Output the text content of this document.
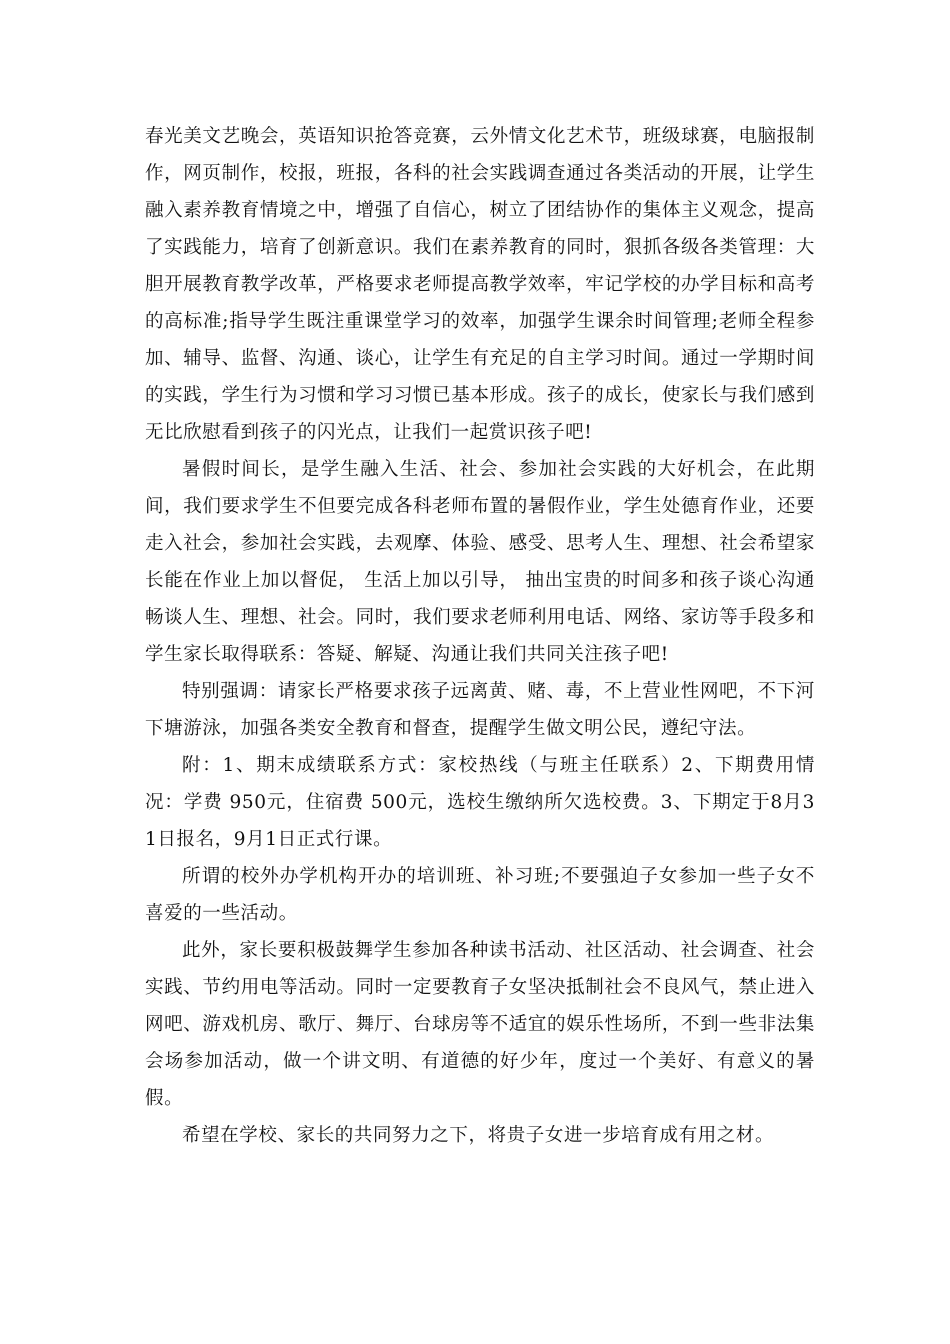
春光美文艺晚会，英语知识抢答竞赛，云外情文化艺术节，班级球赛，电脑报制作，网页制作，校报，班报，各科的社会实践调查通过各类活动的开展，让学生融入素养教育情境之中，增强了自信心，树立了团结协作的集体主义观念，提高了实践能力，培育了创新意识。我们在素养教育的同时，狠抓各级各类管理：大胆开展教育教学改革，严格要求老师提高教学效率，牢记学校的办学目标和高考的高标准;指导学生既注重课堂学习的效率，加强学生课余时间管理;老师全程参加、辅导、监督、沟通、谈心，让学生有充足的自主学习时间。通过一学期时间的实践，学生行为习惯和学习习惯已基本形成。孩子的成长，使家长与我们感到无比欣慰看到孩子的闪光点，让我们一起赏识孩子吧!

暑假时间长，是学生融入生活、社会、参加社会实践的大好机会，在此期间，我们要求学生不但要完成各科老师布置的暑假作业，学生处德育作业，还要走入社会，参加社会实践，去观摩、体验、感受、思考人生、理想、社会希望家长能在作业上加以督促， 生活上加以引导， 抽出宝贵的时间多和孩子谈心沟通畅谈人生、理想、社会。同时，我们要求老师利用电话、网络、家访等手段多和学生家长取得联系：答疑、解疑、沟通让我们共同关注孩子吧!

特别强调：请家长严格要求孩子远离黄、赌、毒，不上营业性网吧，不下河下塘游泳，加强各类安全教育和督查，提醒学生做文明公民，遵纪守法。

附：1、期末成绩联系方式：家校热线（与班主任联系）2、下期费用情况：学费 950元，住宿费 500元，选校生缴纳所欠选校费。3、下期定于8月31日报名，9月1日正式行课。

所谓的校外办学机构开办的培训班、补习班;不要强迫子女参加一些子女不喜爱的一些活动。

此外，家长要积极鼓舞学生参加各种读书活动、社区活动、社会调查、社会实践、节约用电等活动。同时一定要教育子女坚决抵制社会不良风气，禁止进入网吧、游戏机房、歌厅、舞厅、台球房等不适宜的娱乐性场所，不到一些非法集会场参加活动，做一个讲文明、有道德的好少年，度过一个美好、有意义的暑假。

希望在学校、家长的共同努力之下，将贵子女进一步培育成有用之材。
